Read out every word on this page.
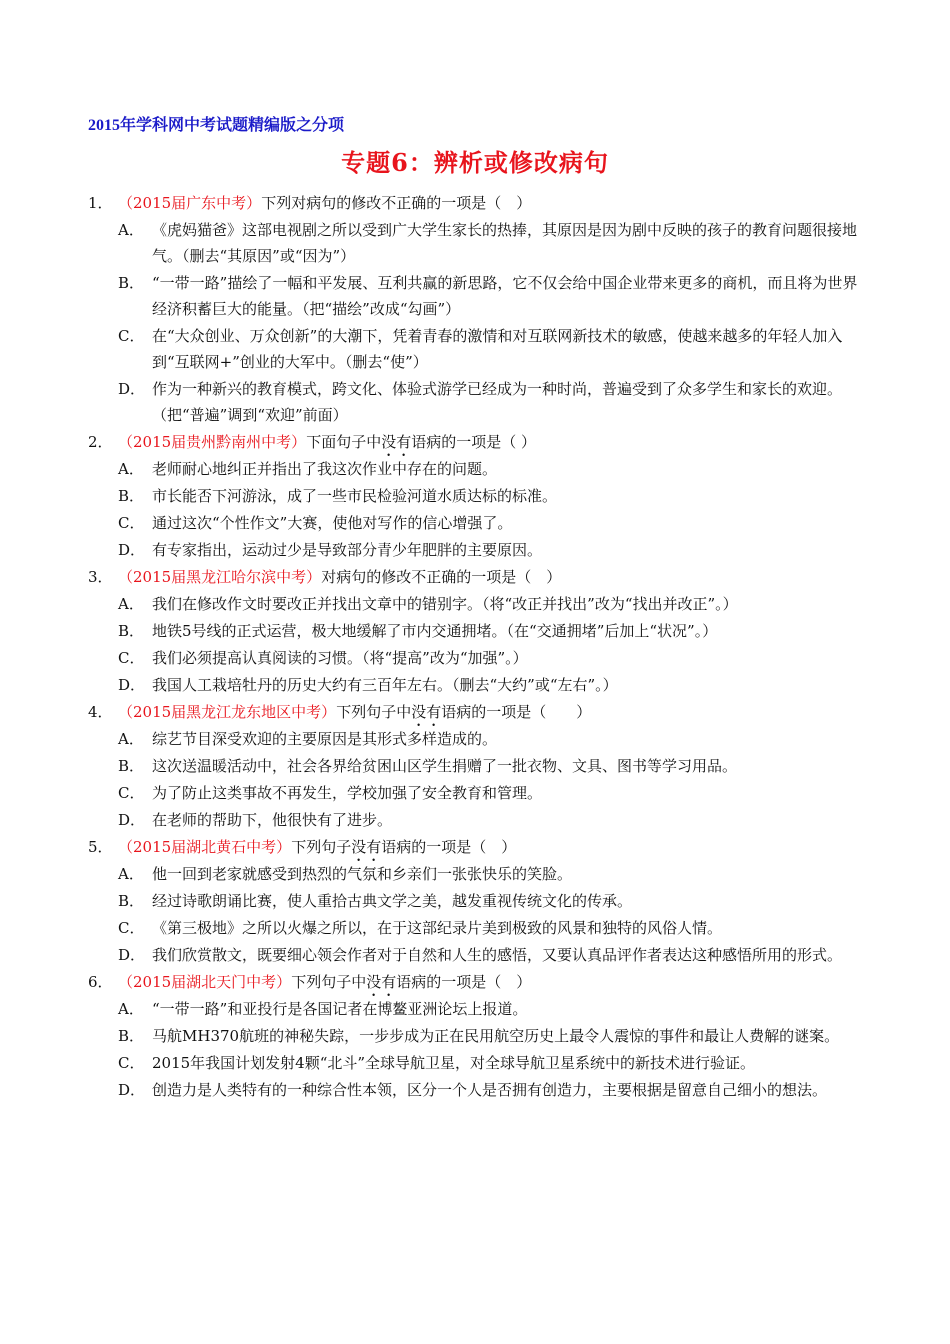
2015年学科网中考试题精编版之分项
专题6：辨析或修改病句
1． （2015届广东中考） 下列对病句的修改不正确的一项是（　）
A． 《虎妈猫爸》这部电视剧之所以受到广大学生家长的热捧，其原因是因为剧中反映的孩子的教育问题很接地气。（删去“其原因”或“因为”）
B． “一带一路”描绘了一幅和平发展、互利共赢的新思路，它不仅会给中国企业带来更多的商机，而且将为世界经济积蓄巨大的能量。（把“描绘”改成“勾画”）
C． 在“大众创业、万众创新”的大潮下，凭着青春的激情和对互联网新技术的敏感，使越来越多的年轻人加入到“互联网+”创业的大军中。（删去“使”）
D． 作为一种新兴的教育模式，跨文化、体验式游学已经成为一种时尚，普遍受到了众多学生和家长的欢迎。（把“普遍”调到“欢迎”前面）
2． （2015届贵州黔南州中考） 下面句子中没有语病的一项是（ ）
A． 老师耐心地纠正并指出了我这次作业中存在的问题。
B． 市长能否下河游泳，成了一些市民检验河道水质达标的标准。
C． 通过这次“个性作文”大赛，使他对写作的信心增强了。
D． 有专家指出，运动过少是导致部分青少年肥胖的主要原因。
3． （2015届黑龙江哈尔滨中考） 对病句的修改不正确的一项是（　）
A． 我们在修改作文时要改正并找出文章中的错别字。（将“改正并找出”改为“找出并改正”。）
B． 地铁5号线的正式运营，极大地缓解了市内交通拥堵。（在“交通拥堵”后加上“状况”。）
C． 我们必须提高认真阅读的习惯。（将“提高”改为“加强”。）
D． 我国人工栽培牡丹的历史大约有三百年左右。（删去“大约”或“左右”。）
4． （2015届黑龙江龙东地区中考） 下列句子中没有语病的一项是（　　）
A． 综艺节目深受欢迎的主要原因是其形式多样造成的。
B． 这次送温暖活动中，社会各界给贫困山区学生捐赠了一批衣物、文具、图书等学习用品。
C． 为了防止这类事故不再发生，学校加强了安全教育和管理。
D． 在老师的帮助下，他很快有了进步。
5． （2015届湖北黄石中考） 下列句子没有语病的一项是（　）
A． 他一回到老家就感受到热烈的气氛和乡亲们一张张快乐的笑脸。
B． 经过诗歌朗诵比赛，使人重拾古典文学之美，越发重视传统文化的传承。
C． 《第三极地》之所以火爆之所以，在于这部纪录片美到极致的风景和独特的风俗人情。
D． 我们欣赏散文，既要细心领会作者对于自然和人生的感悟，又要认真品评作者表达这种感悟所用的形式。
6． （2015届湖北天门中考） 下列句子中没有语病的一项是（　）
A． “一带一路”和亚投行是各国记者在博鳌亚洲论坛上报道。
B． 马航MH370航班的神秘失踪，一步步成为正在民用航空历史上最令人震惊的事件和最让人费解的谜案。
C． 2015年我国计划发射4颗“北斗”全球导航卫星，对全球导航卫星系统中的新技术进行验证。
D． 创造力是人类特有的一种综合性本领，区分一个人是否拥有创造力，主要根据是留意自己细小的想法。
